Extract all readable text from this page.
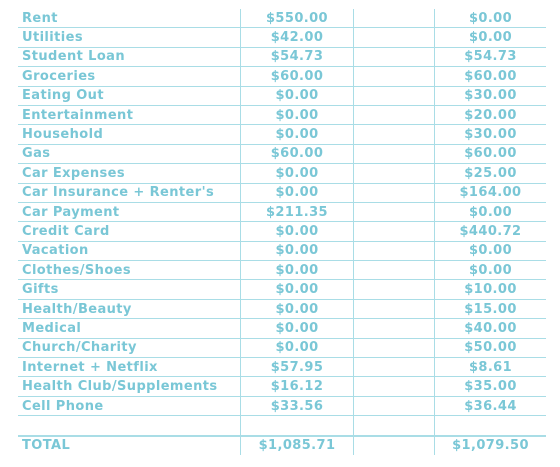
Rent	$550.00	$0.00
Utilities	$42.00	$0.00
Student Loan	$54.73	$54.73
Groceries	$60.00	$60.00
Eating Out	$0.00	$30.00
Entertainment	$0.00	$20.00
Household	$0.00	$30.00
Gas	$60.00	$60.00
Car Expenses	$0.00	$25.00
Car Insurance + Renter's	$0.00	$164.00
Car Payment	$211.35	$0.00
Credit Card	$0.00	$440.72
Vacation	$0.00	$0.00
Clothes/Shoes	$0.00	$0.00
Gifts	$0.00	$10.00
Health/Beauty	$0.00	$15.00
Medical	$0.00	$40.00
Church/Charity	$0.00	$50.00
Internet + Netflix	$57.95	$8.61
Health Club/Supplements	$16.12	$35.00
Cell Phone	$33.56	$36.44
TOTAL	$1,085.71	$1,079.50
